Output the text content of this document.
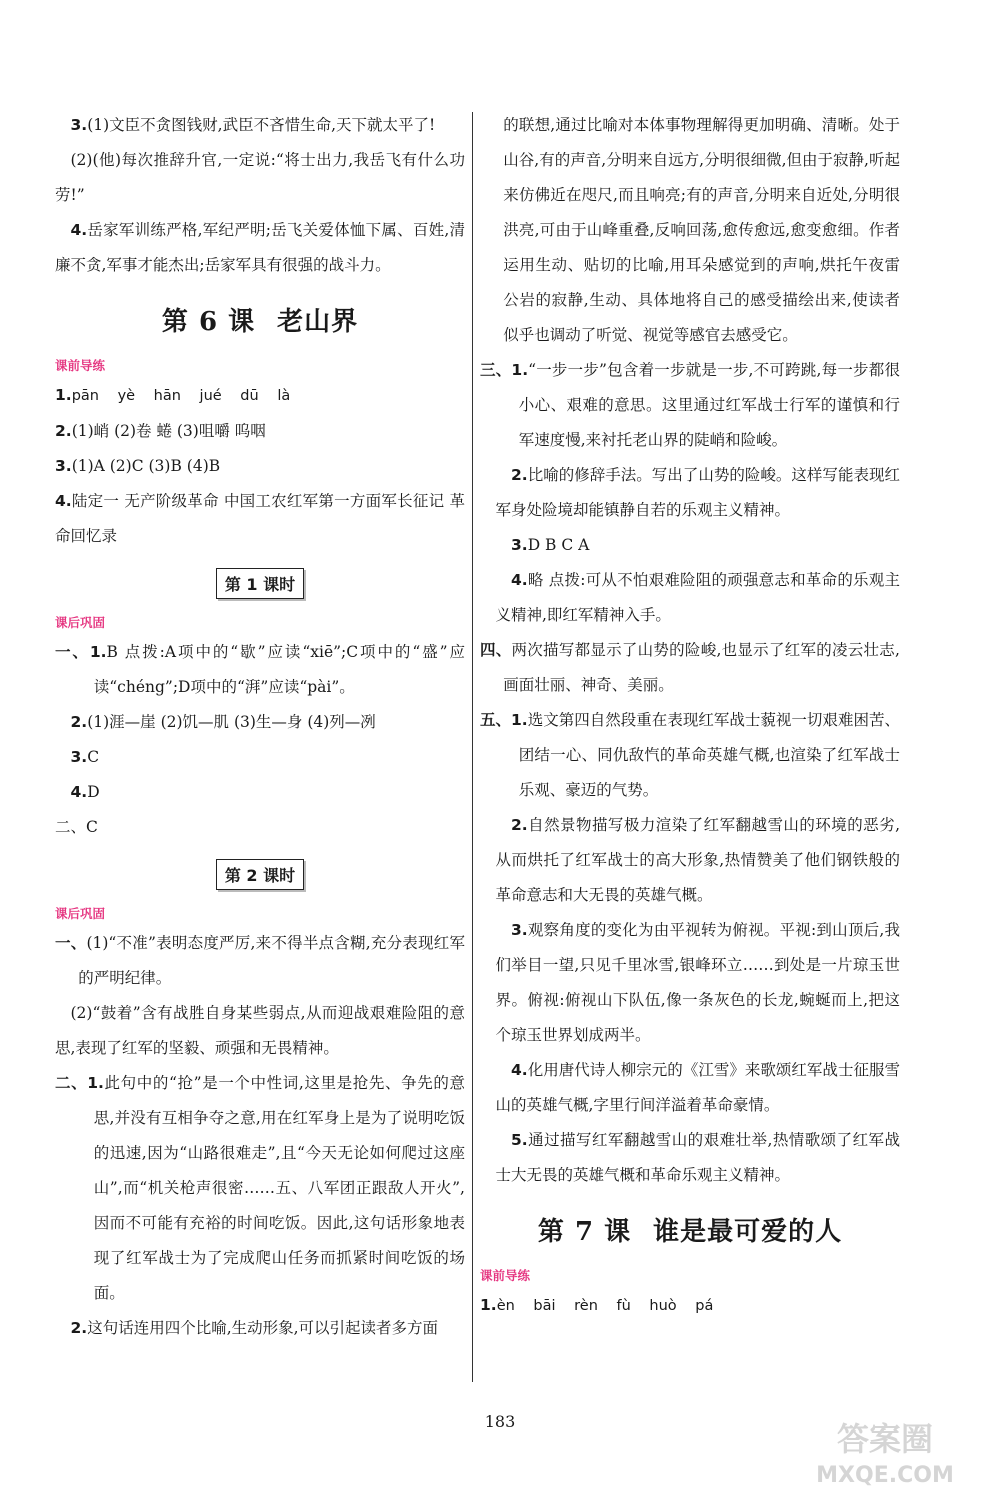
3.(1)文臣不贪图钱财,武臣不吝惜生命,天下就太平了!

(2)(他)每次推辞升官,一定说:“将士出力,我岳飞有什么功劳!”

4.岳家军训练严格,军纪严明;岳飞关爱体恤下属、百姓,清廉不贪,军事才能杰出;岳家军具有很强的战斗力。

第 6 课 老山界
课前导练

1.pān yè hān jué dū là

2.(1)峭 (2)卷 蜷 (3)咀嚼 呜咽

3.(1)A (2)C (3)B (4)B

4.陆定一 无产阶级革命 中国工农红军第一方面军长征记 革命回忆录

第 1 课时
课后巩固

一、1.B 点拨:A项中的“歇”应读“xiē”;C项中的“盛”应读“chéng”;D项中的“湃”应读“pài”。

2.(1)涯—崖 (2)饥—肌 (3)生—身 (4)列—冽

3.C

4.D

二、C

第 2 课时
课后巩固

一、(1)“不准”表明态度严厉,来不得半点含糊,充分表现红军的严明纪律。

(2)“鼓着”含有战胜自身某些弱点,从而迎战艰难险阻的意思,表现了红军的坚毅、顽强和无畏精神。

二、1.此句中的“抢”是一个中性词,这里是抢先、争先的意思,并没有互相争夺之意,用在红军身上是为了说明吃饭的迅速,因为“山路很难走”,且“今天无论如何爬过这座山”,而“机关枪声很密……五、八军团正跟敌人开火”,因而不可能有充裕的时间吃饭。因此,这句话形象地表现了红军战士为了完成爬山任务而抓紧时间吃饭的场面。

2.这句话连用四个比喻,生动形象,可以引起读者多方面

的联想,通过比喻对本体事物理解得更加明确、清晰。处于山谷,有的声音,分明来自远方,分明很细微,但由于寂静,听起来仿佛近在咫尺,而且响亮;有的声音,分明来自近处,分明很洪亮,可由于山峰重叠,反响回荡,愈传愈远,愈变愈细。作者运用生动、贴切的比喻,用耳朵感觉到的声响,烘托午夜雷公岩的寂静,生动、具体地将自己的感受描绘出来,使读者似乎也调动了听觉、视觉等感官去感受它。

三、1.“一步一步”包含着一步就是一步,不可跨跳,每一步都很小心、艰难的意思。这里通过红军战士行军的谨慎和行军速度慢,来衬托老山界的陡峭和险峻。

2.比喻的修辞手法。写出了山势的险峻。这样写能表现红军身处险境却能镇静自若的乐观主义精神。

3.D B C A

4.略 点拨:可从不怕艰难险阻的顽强意志和革命的乐观主义精神,即红军精神入手。

四、两次描写都显示了山势的险峻,也显示了红军的凌云壮志,画面壮丽、神奇、美丽。

五、1.选文第四自然段重在表现红军战士藐视一切艰难困苦、团结一心、同仇敌忾的革命英雄气概,也渲染了红军战士乐观、豪迈的气势。

2.自然景物描写极力渲染了红军翻越雪山的环境的恶劣,从而烘托了红军战士的高大形象,热情赞美了他们钢铁般的革命意志和大无畏的英雄气概。

3.观察角度的变化为由平视转为俯视。平视:到山顶后,我们举目一望,只见千里冰雪,银峰环立……到处是一片琼玉世界。俯视:俯视山下队伍,像一条灰色的长龙,蜿蜒而上,把这个琼玉世界划成两半。

4.化用唐代诗人柳宗元的《江雪》来歌颂红军战士征服雪山的英雄气概,字里行间洋溢着革命豪情。

5.通过描写红军翻越雪山的艰难壮举,热情歌颂了红军战士大无畏的英雄气概和革命乐观主义精神。

第 7 课 谁是最可爱的人
课前导练

1.èn bāi rèn fù huò pá

183	答案圈
MXQE.COM
